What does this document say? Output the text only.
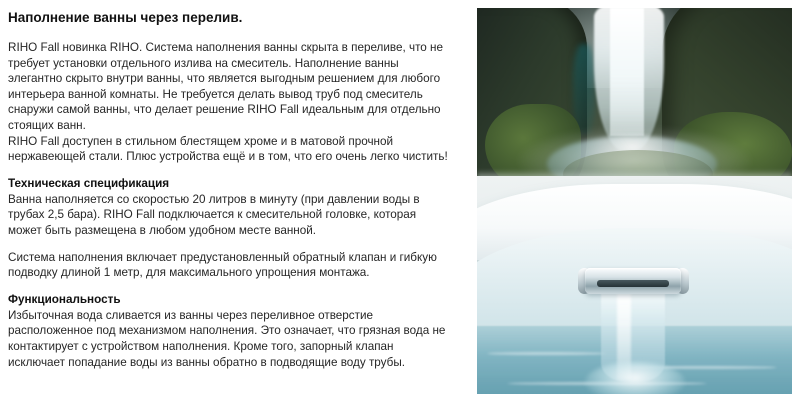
Наполнение ванны через перелив.

RIHO Fall новинка RIHO. Система наполнения ванны скрыта в переливе, что не требует установки отдельного излива на смеситель. Наполнение ванны элегантно скрыто внутри ванны, что является выгодным решением для любого интерьера ванной комнаты. Не требуется делать вывод труб под смеситель снаружи самой ванны, что делает решение RIHO Fall идеальным для отдельно стоящих ванн.

RIHO Fall доступен в стильном блестящем хроме и в матовой прочной нержавеющей стали. Плюс устройства ещё и в том, что его очень легко чистить!

Техническая спецификация

Ванна наполняется со скоростью 20 литров в минуту (при давлении воды в трубах 2,5 бара). RIHO Fall подключается к смесительной головке, которая может быть размещена в любом удобном месте ванной.

Система наполнения включает предустановленный обратный клапан и гибкую подводку длиной 1 метр, для максимального упрощения монтажа.

Функциональность

Избыточная вода сливается из ванны через переливное отверстие расположенное под механизмом наполнения. Это означает, что грязная вода не контактирует с устройством наполнения. Кроме того, запорный клапан исключает попадание воды из ванны обратно в подводящие воду трубы.
